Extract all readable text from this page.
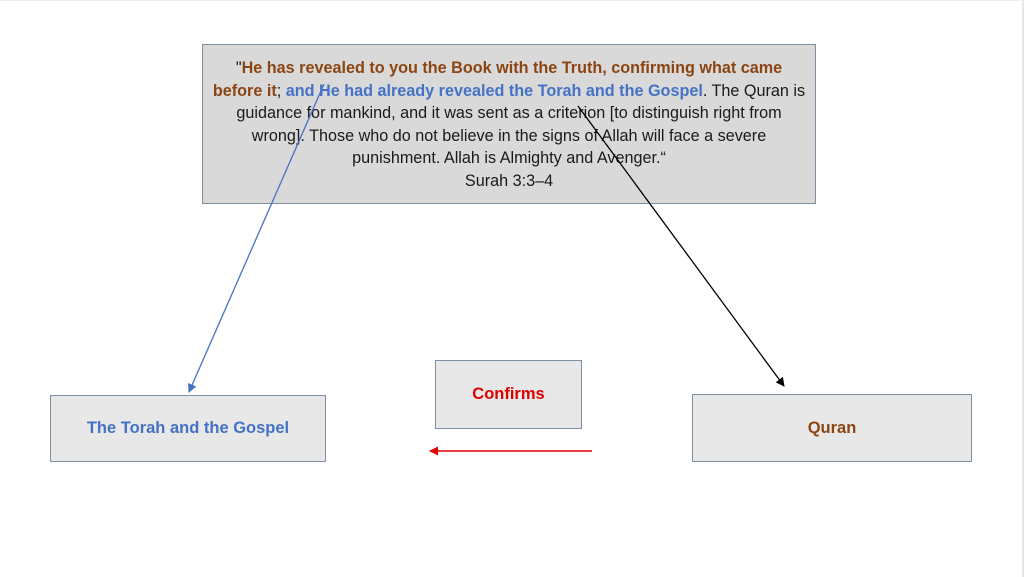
"He has revealed to you the Book with the Truth, confirming what came before it; and He had already revealed the Torah and the Gospel. The Quran is guidance for mankind, and it was sent as a criterion [to distinguish right from wrong]. Those who do not believe in the signs of Allah will face a severe punishment. Allah is Almighty and Avenger.“

Surah 3:3–4

The Torah and the Gospel
Confirms
Quran
